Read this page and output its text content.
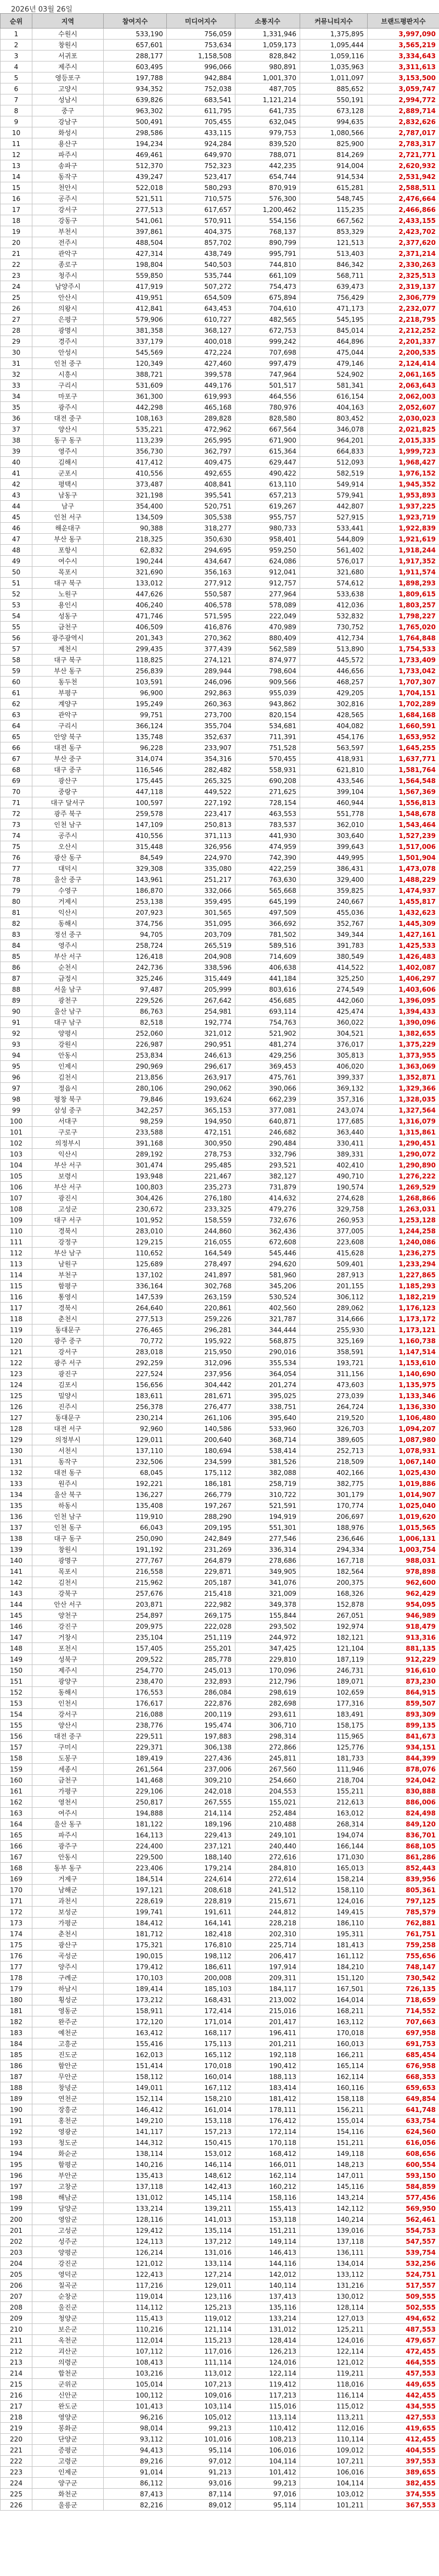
2026년 03월 26일
순위	지역	참여지수	미디어지수	소통지수	커뮤니티지수	브랜드평판지수
1	수원시	533,190	756,059	1,331,946	1,375,895	3,997,090
2	창원시	657,601	753,634	1,059,173	1,095,444	3,565,219
3	서귀포	288,177	1,158,508	828,842	1,059,116	3,334,643
4	제주시	603,495	996,066	980,891	1,035,963	3,311,613
5	영등포구	197,788	942,884	1,001,370	1,011,097	3,153,500
6	고양시	934,352	752,038	487,705	885,652	3,059,747
7	성남시	639,826	683,541	1,121,214	550,191	2,994,772
8	중구	963,302	611,795	641,735	673,128	2,889,714
9	강남구	500,491	705,455	632,045	994,635	2,832,626
10	화성시	298,586	433,115	979,753	1,080,566	2,787,017
11	용산구	194,234	924,284	839,520	825,900	2,783,317
12	파주시	469,461	649,970	788,071	814,269	2,721,771
13	송파구	512,370	752,323	442,235	914,004	2,620,932
14	동작구	439,247	523,417	654,744	914,534	2,531,942
15	천안시	522,018	580,293	870,919	615,281	2,588,511
16	공주시	521,511	710,575	576,300	548,745	2,476,664
17	강서구	277,513	617,657	1,200,462	115,235	2,466,866
18	강동구	541,061	570,911	554,156	667,562	2,433,155
19	부천시	397,861	404,375	768,137	853,329	2,423,702
20	전주시	488,504	857,702	890,799	121,513	2,377,620
21	관악구	427,314	438,749	995,791	513,403	2,371,214
22	종로구	198,804	540,503	744,810	846,342	2,330,263
23	청주시	559,850	535,744	661,109	568,711	2,325,513
24	남양주시	417,919	507,272	754,473	639,473	2,319,137
25	안산시	419,951	654,509	675,894	756,429	2,306,779
26	의왕시	412,841	643,453	704,610	471,173	2,232,077
27	은평구	579,906	610,727	482,565	545,195	2,218,795
28	광명시	381,358	368,127	672,753	845,014	2,212,252
29	경주시	337,179	400,018	999,242	464,896	2,201,337
30	안성시	545,569	472,224	707,698	475,044	2,200,535
31	인천 중구	120,349	427,460	997,479	479,146	2,124,414
32	시흥시	388,721	399,578	747,964	524,902	2,061,165
33	구리시	531,609	449,176	501,517	581,341	2,063,643
34	마포구	361,300	619,993	464,556	616,154	2,062,003
35	광주시	442,298	465,168	780,976	404,163	2,052,607
36	대전 중구	108,163	289,828	828,580	803,452	2,030,023
37	양산시	535,221	472,962	667,564	346,078	2,021,825
38	동구 동구	113,239	265,995	671,900	964,201	2,015,335
39	영주시	356,730	362,797	615,364	664,833	1,999,723
40	김해시	417,412	409,475	629,447	512,093	1,968,427
41	군포시	410,556	492,655	490,422	582,519	1,976,152
42	평택시	373,487	408,841	613,110	549,914	1,945,352
43	남동구	321,198	395,541	657,213	579,941	1,953,893
44	남구	354,400	520,751	619,267	442,807	1,937,225
45	인천 서구	134,509	305,538	955,757	527,915	1,923,719
46	해운대구	90,388	318,277	980,733	533,441	1,922,839
47	부산 동구	218,325	350,630	958,401	544,809	1,921,619
48	포항시	62,832	294,695	959,250	561,402	1,918,244
49	여수시	190,244	434,647	624,086	576,017	1,917,352
50	목포시	321,690	356,163	912,041	321,680	1,911,574
51	대구 북구	133,012	277,912	912,757	574,612	1,898,293
52	노원구	447,626	550,587	277,964	533,638	1,809,615
53	용인시	406,240	406,578	578,089	412,036	1,803,257
54	성동구	471,746	571,595	222,049	532,832	1,798,227
55	금천구	406,509	416,876	470,989	730,752	1,765,020
56	광주광역시	201,343	270,362	880,409	412,734	1,764,848
57	제천시	299,435	377,439	562,589	513,890	1,754,533
58	대구 북구	118,825	274,121	874,977	445,572	1,733,409
59	부산 동구	256,839	289,944	798,604	446,656	1,733,042
60	동두천	103,591	246,096	909,566	468,257	1,707,307
61	부평구	96,900	292,863	955,039	429,205	1,704,151
62	계양구	195,249	260,363	943,862	302,816	1,702,289
63	관악구	99,751	273,700	820,154	428,565	1,684,168
64	구리시	366,124	355,704	534,681	404,082	1,660,591
65	안양 북구	135,748	352,637	711,391	454,176	1,653,952
66	대전 동구	96,228	233,907	751,528	563,597	1,645,255
67	부산 중구	314,074	354,316	570,455	418,931	1,637,771
68	대구 중구	116,546	282,482	558,931	621,810	1,581,764
69	광산구	175,445	265,325	690,208	433,546	1,564,548
70	중랑구	447,118	449,522	271,625	399,104	1,567,369
71	대구 달서구	100,597	227,192	728,154	460,944	1,556,813
72	광주 북구	259,578	223,417	463,553	551,778	1,548,678
73	인천 남구	147,109	250,813	783,537	362,010	1,543,464
74	공주시	410,556	371,113	441,930	303,640	1,527,239
75	오산시	315,448	326,956	474,959	399,643	1,517,006
76	광산 동구	84,549	224,970	742,390	449,995	1,501,904
77	대덕시	329,308	335,080	422,259	386,431	1,473,078
78	울산 중구	143,961	251,217	763,630	329,400	1,488,229
79	수영구	186,870	332,066	565,668	359,825	1,474,937
80	거제시	253,138	359,495	645,199	240,667	1,455,817
81	익산시	207,923	301,565	497,509	455,036	1,432,623
82	동해시	374,756	351,095	366,692	352,767	1,445,309
83	정선 중구	94,705	203,709	781,502	349,344	1,427,161
84	영주시	258,724	265,519	589,516	391,783	1,425,533
85	부산 서구	126,418	204,908	714,609	380,549	1,426,483
86	순천시	242,736	338,596	406,638	414,522	1,402,087
87	금정시	325,246	315,449	441,184	325,250	1,406,297
88	서울 남구	97,487	205,999	803,616	274,549	1,403,606
89	광천구	229,526	267,642	456,685	442,060	1,396,095
90	울산 남구	86,763	254,981	693,114	425,474	1,394,433
91	대구 남구	82,518	192,774	754,763	360,022	1,390,096
92	양평시	252,060	321,012	521,902	304,521	1,382,655
93	강원시	226,987	290,951	481,274	376,017	1,375,229
94	안동시	253,834	246,613	429,256	305,813	1,373,955
95	인제시	290,969	296,617	369,453	406,020	1,363,069
96	김천시	213,856	263,917	475,761	399,337	1,352,871
97	정읍시	280,106	290,062	390,066	369,132	1,329,366
98	평창 북구	79,846	193,624	662,239	357,316	1,328,035
99	삼성 중구	342,257	365,153	377,081	243,074	1,327,564
100	서대구	98,259	194,950	640,871	177,685	1,316,079
101	구로구	233,588	472,151	246,682	363,440	1,315,861
102	의정부시	391,168	300,950	290,484	330,411	1,290,451
103	익산시	289,192	278,753	332,796	389,331	1,290,072
104	부산 서구	301,474	295,485	293,521	402,410	1,290,890
105	보령시	193,948	221,467	382,127	490,710	1,276,222
106	부산 서구	100,803	235,273	731,879	190,574	1,269,529
107	광진시	304,426	276,180	414,632	274,628	1,268,866
108	고성군	230,672	233,325	479,276	329,758	1,263,031
109	대구 서구	101,952	158,559	732,676	260,953	1,253,128
110	경북시	283,010	244,860	362,436	377,005	1,244,258
111	강정구	129,215	216,055	672,608	223,608	1,240,086
112	부산 남구	110,652	164,549	545,446	415,628	1,236,275
113	남원구	125,689	278,497	294,620	509,401	1,233,294
114	부천구	137,102	241,897	581,960	287,913	1,227,865
115	함평구	336,164	302,768	345,206	201,155	1,185,293
116	통영시	147,539	263,159	530,524	306,112	1,182,219
117	경북시	264,640	220,861	402,560	289,062	1,176,123
118	춘천시	277,513	259,226	321,787	314,666	1,173,172
119	동대문구	276,465	296,281	344,444	255,930	1,173,121
120	광주 중구	70,772	195,922	568,875	325,169	1,160,738
121	강서구	283,018	215,950	290,016	358,591	1,147,514
122	광주 서구	292,259	312,096	355,534	193,721	1,153,610
123	광진구	227,524	237,956	364,054	311,156	1,140,690
124	김포시	156,656	304,442	201,274	473,603	1,135,975
125	밀양시	183,611	281,671	395,025	273,039	1,133,346
126	진주시	256,378	276,477	338,751	264,724	1,136,330
127	동대문구	230,214	261,106	395,640	219,520	1,106,480
128	대전 서구	92,960	140,586	533,960	326,703	1,094,207
129	의정부시	129,011	200,640	368,714	389,605	1,087,980
130	서천시	137,110	180,694	538,414	252,713	1,078,931
131	동작구	232,506	234,599	381,526	218,509	1,067,140
132	대전 동구	68,045	175,112	382,088	402,166	1,025,430
133	원주시	192,221	186,181	258,719	382,775	1,019,886
134	울산 북구	136,227	266,779	310,722	301,179	1,014,907
135	하동시	135,408	197,267	521,591	170,774	1,025,040
136	인천 남구	119,910	288,290	194,919	206,697	1,019,620
137	인천 동구	66,043	209,195	551,301	188,976	1,015,565
138	대구 동구	250,090	242,849	277,546	236,646	1,006,131
139	창원시	191,192	231,269	336,314	294,334	1,003,754
140	광명구	277,767	264,879	278,686	167,718	988,031
141	목포시	216,558	229,871	349,905	182,564	978,898
142	김천시	215,962	205,187	341,076	200,375	962,600
143	강북구	257,676	215,418	321,009	168,326	962,429
144	안산 서구	203,871	222,982	349,378	152,878	954,095
145	양천구	254,897	269,175	155,844	267,051	946,989
146	강진구	209,975	222,028	293,502	192,974	918,479
147	거창시	235,104	251,119	244,972	182,121	913,316
148	포천시	157,405	255,201	347,425	121,104	881,135
149	성북구	209,522	285,778	229,810	187,119	912,229
150	제주시	254,770	245,013	170,096	246,731	916,610
151	광양구	238,470	232,893	212,796	189,071	873,230
152	동해시	176,553	286,084	298,619	102,659	864,915
153	인천시	176,617	222,876	282,698	177,316	859,507
154	강서구	216,088	200,119	293,611	183,491	893,309
155	양산시	238,776	195,474	306,710	158,175	899,135
156	대전 중구	229,511	197,883	298,314	115,965	841,673
157	구미시	229,371	306,138	272,866	125,776	934,151
158	도봉구	189,419	227,436	245,811	181,733	844,399
159	세종시	261,564	237,006	267,560	111,946	878,076
160	금천구	141,468	309,210	254,660	218,704	924,042
161	가평구	229,106	242,018	204,553	155,211	830,888
162	영천시	250,817	267,555	155,021	212,613	886,006
163	여주시	194,888	214,114	252,484	163,012	824,498
164	울산 동구	181,122	189,196	210,488	268,314	849,120
165	파주시	164,113	229,413	249,101	194,074	836,701
166	광주구	224,400	237,121	240,440	166,144	868,105
167	안동시	229,500	188,140	272,616	171,030	861,286
168	동부 동구	223,406	179,214	284,810	165,013	852,443
169	거제구	184,514	224,614	272,614	158,214	839,956
170	남해군	197,121	208,618	241,512	158,110	805,361
171	과천시	228,619	228,819	215,671	124,016	797,125
172	보성군	199,741	191,611	244,812	149,415	785,579
173	가평군	184,412	164,141	228,218	186,110	762,881
174	춘천시	181,712	182,418	202,310	195,311	761,751
175	광산구	175,321	176,810	225,714	181,413	759,258
176	곡성군	190,015	198,112	206,417	161,112	755,656
177	양주시	179,412	186,611	197,914	184,210	748,147
178	구례군	170,103	200,008	209,311	151,120	730,542
179	하남시	189,414	185,103	184,117	167,501	726,135
180	횡성군	173,212	168,431	213,002	164,014	718,659
181	영동군	158,911	172,414	215,016	168,211	714,552
182	완주군	172,120	171,014	201,417	163,112	707,663
183	예천군	163,412	168,117	196,411	170,018	697,958
184	고흥군	155,416	175,113	201,211	160,013	691,753
185	진도군	162,013	165,112	192,118	166,211	685,454
186	함안군	151,414	170,018	190,412	165,114	676,958
187	무안군	158,112	160,014	188,113	162,114	668,353
188	창녕군	149,011	167,112	183,414	160,116	659,653
189	연천군	152,114	158,210	181,412	158,118	649,854
190	장흥군	146,412	161,014	178,111	156,211	641,748
191	홍천군	149,210	153,118	176,412	155,014	633,754
192	영광군	141,117	157,213	172,114	154,116	624,560
193	청도군	144,312	150,415	170,118	151,211	616,056
194	화순군	138,114	153,012	168,412	149,118	608,656
195	함평군	140,216	146,114	166,011	148,213	600,554
196	부안군	135,413	148,612	162,114	147,011	593,150
197	고창군	137,118	142,413	160,212	145,116	584,859
198	해남군	131,012	145,114	158,116	143,214	577,456
199	담양군	133,214	139,211	155,413	142,112	569,950
200	영암군	128,116	141,013	153,118	140,214	562,461
201	고성군	129,412	135,114	151,211	139,016	554,753
202	성주군	124,113	137,212	149,114	137,118	547,557
203	양평군	126,214	131,016	146,413	136,111	539,754
204	강진군	121,012	133,114	144,116	134,014	532,256
205	영덕군	122,413	127,214	142,012	133,112	524,751
206	칠곡군	117,216	129,011	140,114	131,216	517,557
207	순창군	119,014	123,116	137,413	130,012	509,555
208	울진군	114,112	125,213	135,116	128,114	502,555
209	청양군	115,413	119,012	133,214	127,013	494,652
210	보은군	110,216	121,114	131,012	125,211	487,553
211	옥천군	112,014	115,213	128,414	124,016	479,657
212	괴산군	107,112	117,016	126,213	122,114	472,455
213	의령군	108,413	111,114	124,016	121,012	464,555
214	합천군	103,216	113,012	122,114	119,211	457,553
215	군위군	105,014	107,213	119,412	118,016	449,655
216	신안군	100,112	109,016	117,213	116,114	442,455
217	완도군	101,413	103,114	115,016	115,012	434,555
218	영양군	96,216	105,012	113,114	113,211	427,553
219	봉화군	98,014	99,213	110,412	112,016	419,655
220	단양군	93,112	101,016	108,213	110,114	412,455
221	증평군	94,413	95,114	106,016	109,012	404,555
222	고령군	89,216	97,012	104,114	107,211	397,553
223	인제군	91,014	91,213	101,412	106,016	389,655
224	양구군	86,112	93,016	99,213	104,114	382,455
225	화천군	87,413	87,114	97,016	103,012	374,555
226	울릉군	82,216	89,012	95,114	101,211	367,553
